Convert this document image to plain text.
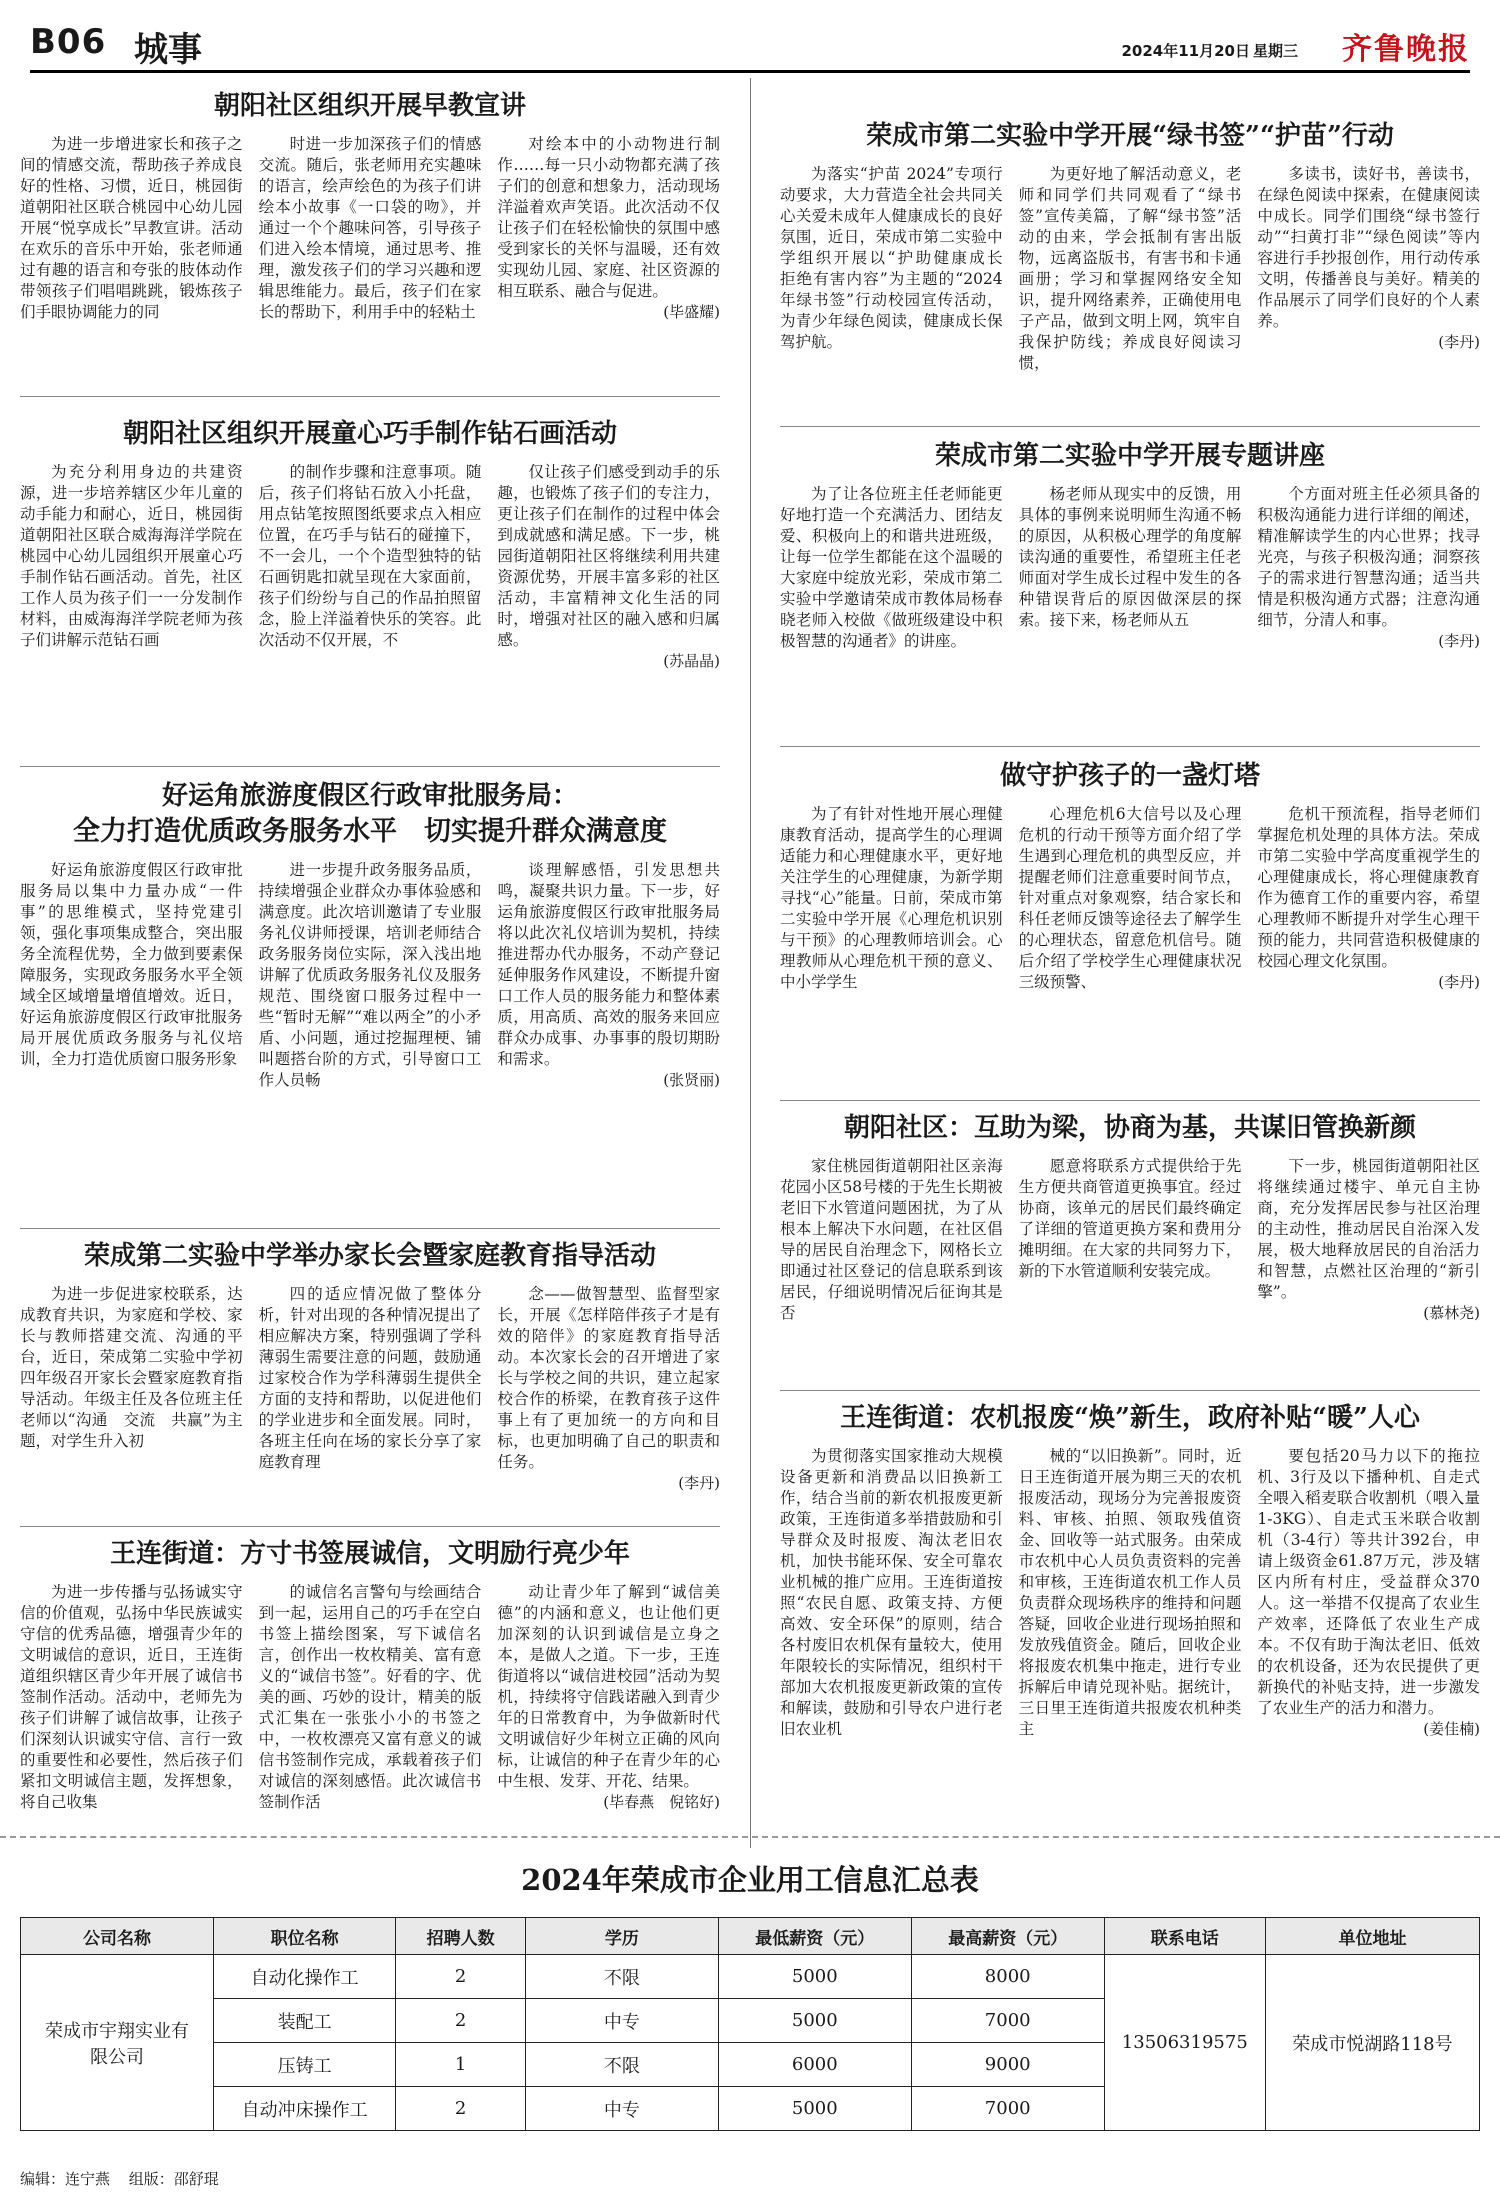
B06 城事	2024年11月20日 星期三 齐鲁晚报
朝阳社区组织开展早教宣讲

为进一步增进家长和孩子之间的情感交流，帮助孩子养成良好的性格、习惯，近日，桃园街道朝阳社区联合桃园中心幼儿园开展“悦享成长”早教宣讲。活动在欢乐的音乐中开始，张老师通过有趣的语言和夸张的肢体动作带领孩子们唱唱跳跳，锻炼孩子们手眼协调能力的同

时进一步加深孩子们的情感交流。随后，张老师用充实趣味的语言，绘声绘色的为孩子们讲绘本小故事《一口袋的吻》，并通过一个个趣味问答，引导孩子们进入绘本情境，通过思考、推理，激发孩子们的学习兴趣和逻辑思维能力。最后，孩子们在家长的帮助下，利用手中的轻粘土

对绘本中的小动物进行制作……每一只小动物都充满了孩子们的创意和想象力，活动现场洋溢着欢声笑语。此次活动不仅让孩子们在轻松愉快的氛围中感受到家长的关怀与温暖，还有效实现幼儿园、家庭、社区资源的相互联系、融合与促进。

(毕盛耀)
朝阳社区组织开展童心巧手制作钻石画活动

为充分利用身边的共建资源，进一步培养辖区少年儿童的动手能力和耐心，近日，桃园街道朝阳社区联合威海海洋学院在桃园中心幼儿园组织开展童心巧手制作钻石画活动。首先，社区工作人员为孩子们一一分发制作材料，由威海海洋学院老师为孩子们讲解示范钻石画

的制作步骤和注意事项。随后，孩子们将钻石放入小托盘，用点钻笔按照图纸要求点入相应位置，在巧手与钻石的碰撞下，不一会儿，一个个造型独特的钻石画钥匙扣就呈现在大家面前，孩子们纷纷与自己的作品拍照留念，脸上洋溢着快乐的笑容。此次活动不仅开展，不

仅让孩子们感受到动手的乐趣，也锻炼了孩子们的专注力，更让孩子们在制作的过程中体会到成就感和满足感。下一步，桃园街道朝阳社区将继续利用共建资源优势，开展丰富多彩的社区活动，丰富精神文化生活的同时，增强对社区的融入感和归属感。

(苏晶晶)
好运角旅游度假区行政审批服务局：
全力打造优质政务服务水平　切实提升群众满意度

好运角旅游度假区行政审批服务局以集中力量办成“一件事”的思维模式，坚持党建引领，强化事项集成整合，突出服务全流程优势，全力做到要素保障服务，实现政务服务水平全领域全区域增量增值增效。近日，好运角旅游度假区行政审批服务局开展优质政务服务与礼仪培训，全力打造优质窗口服务形象

进一步提升政务服务品质，持续增强企业群众办事体验感和满意度。此次培训邀请了专业服务礼仪讲师授课，培训老师结合政务服务岗位实际，深入浅出地讲解了优质政务服务礼仪及服务规范、围绕窗口服务过程中一些“暂时无解”“难以两全”的小矛盾、小问题，通过挖掘理梗、铺叫题搭台阶的方式，引导窗口工作人员畅

谈理解感悟，引发思想共鸣，凝聚共识力量。下一步，好运角旅游度假区行政审批服务局将以此次礼仪培训为契机，持续推进帮办代办服务，不动产登记延伸服务作风建设，不断提升窗口工作人员的服务能力和整体素质，用高质、高效的服务来回应群众办成事、办事事的殷切期盼和需求。

(张贤丽)
荣成第二实验中学举办家长会暨家庭教育指导活动

为进一步促进家校联系，达成教育共识，为家庭和学校、家长与教师搭建交流、沟通的平台，近日，荣成第二实验中学初四年级召开家长会暨家庭教育指导活动。年级主任及各位班主任老师以“沟通　交流　共赢”为主题，对学生升入初

四的适应情况做了整体分析，针对出现的各种情况提出了相应解决方案，特别强调了学科薄弱生需要注意的问题，鼓励通过家校合作为学科薄弱生提供全方面的支持和帮助，以促进他们的学业进步和全面发展。同时，各班主任向在场的家长分享了家庭教育理

念——做智慧型、监督型家长，开展《怎样陪伴孩子才是有效的陪伴》的家庭教育指导活动。本次家长会的召开增进了家长与学校之间的共识，建立起家校合作的桥梁，在教育孩子这件事上有了更加统一的方向和目标，也更加明确了自己的职责和任务。

(李丹)
王连街道：方寸书签展诚信，文明励行亮少年

为进一步传播与弘扬诚实守信的价值观，弘扬中华民族诚实守信的优秀品德，增强青少年的文明诚信的意识，近日，王连街道组织辖区青少年开展了诚信书签制作活动。活动中，老师先为孩子们讲解了诚信故事，让孩子们深刻认识诚实守信、言行一致的重要性和必要性，然后孩子们紧扣文明诚信主题，发挥想象，将自己收集

的诚信名言警句与绘画结合到一起，运用自己的巧手在空白书签上描绘图案，写下诚信名言，创作出一枚枚精美、富有意义的“诚信书签”。好看的字、优美的画、巧妙的设计，精美的版式汇集在一张张小小的书签之中，一枚枚漂亮又富有意义的诚信书签制作完成，承载着孩子们对诚信的深刻感悟。此次诚信书签制作活

动让青少年了解到“诚信美德”的内涵和意义，也让他们更加深刻的认识到诚信是立身之本，是做人之道。下一步，王连街道将以“诚信进校园”活动为契机，持续将守信践诺融入到青少年的日常教育中，为争做新时代文明诚信好少年树立正确的风向标，让诚信的种子在青少年的心中生根、发芽、开花、结果。

(毕春燕　倪铭好)
荣成市第二实验中学开展“绿书签”“护苗”行动

为落实“护苗 2024”专项行动要求，大力营造全社会共同关心关爱未成年人健康成长的良好氛围，近日，荣成市第二实验中学组织开展以“护助健康成长　拒绝有害内容”为主题的“2024年绿书签”行动校园宣传活动，为青少年绿色阅读，健康成长保驾护航。

为更好地了解活动意义，老师和同学们共同观看了“绿书签”宣传美篇，了解“绿书签”活动的由来，学会抵制有害出版物，远离盗版书，有害书和卡通画册；学习和掌握网络安全知识，提升网络素养，正确使用电子产品，做到文明上网，筑牢自我保护防线；养成良好阅读习惯，

多读书，读好书，善读书，在绿色阅读中探索，在健康阅读中成长。同学们围绕“绿书签行动”“扫黄打非”“绿色阅读”等内容进行手抄报创作，用行动传承文明，传播善良与美好。精美的作品展示了同学们良好的个人素养。

(李丹)
荣成市第二实验中学开展专题讲座

为了让各位班主任老师能更好地打造一个充满活力、团结友爱、积极向上的和谐共进班级，让每一位学生都能在这个温暖的大家庭中绽放光彩，荣成市第二实验中学邀请荣成市教体局杨春晓老师入校做《做班级建设中积极智慧的沟通者》的讲座。

杨老师从现实中的反馈，用具体的事例来说明师生沟通不畅的原因，从积极心理学的角度解读沟通的重要性，希望班主任老师面对学生成长过程中发生的各种错误背后的原因做深层的探索。接下来，杨老师从五

个方面对班主任必须具备的积极沟通能力进行详细的阐述，精准解读学生的内心世界；找寻光亮，与孩子积极沟通；洞察孩子的需求进行智慧沟通；适当共情是积极沟通方式器；注意沟通细节，分清人和事。

(李丹)
做守护孩子的一盏灯塔

为了有针对性地开展心理健康教育活动，提高学生的心理调适能力和心理健康水平，更好地关注学生的心理健康，为新学期寻找“心”能量。日前，荣成市第二实验中学开展《心理危机识别与干预》的心理教师培训会。心理教师从心理危机干预的意义、中小学学生

心理危机6大信号以及心理危机的行动干预等方面介绍了学生遇到心理危机的典型反应，并提醒老师们注意重要时间节点，针对重点对象观察，结合家长和科任老师反馈等途径去了解学生的心理状态，留意危机信号。随后介绍了学校学生心理健康状况三级预警、

危机干预流程，指导老师们掌握危机处理的具体方法。荣成市第二实验中学高度重视学生的心理健康成长，将心理健康教育作为德育工作的重要内容，希望心理教师不断提升对学生心理干预的能力，共同营造积极健康的校园心理文化氛围。

(李丹)
朝阳社区：互助为梁，协商为基，共谋旧管换新颜

家住桃园街道朝阳社区亲海花园小区58号楼的于先生长期被老旧下水管道问题困扰，为了从根本上解决下水问题，在社区倡导的居民自治理念下，网格长立即通过社区登记的信息联系到该居民，仔细说明情况后征询其是否

愿意将联系方式提供给于先生方便共商管道更换事宜。经过协商，该单元的居民们最终确定了详细的管道更换方案和费用分摊明细。在大家的共同努力下，新的下水管道顺利安装完成。

下一步，桃园街道朝阳社区将继续通过楼宇、单元自主协商，充分发挥居民参与社区治理的主动性，推动居民自治深入发展，极大地释放居民的自治活力和智慧，点燃社区治理的“新引擎”。

(慕林尧)
王连街道：农机报废“焕”新生，政府补贴“暖”人心

为贯彻落实国家推动大规模设备更新和消费品以旧换新工作，结合当前的新农机报废更新政策，王连街道多举措鼓励和引导群众及时报废、淘汰老旧农机，加快书能环保、安全可靠农业机械的推广应用。王连街道按照“农民自愿、政策支持、方便高效、安全环保”的原则，结合各村废旧农机保有量较大，使用年限较长的实际情况，组织村干部加大农机报废更新政策的宣传和解读，鼓励和引导农户进行老旧农业机

械的“以旧换新”。同时，近日王连街道开展为期三天的农机报废活动，现场分为完善报废资料、审核、拍照、领取残值资金、回收等一站式服务。由荣成市农机中心人员负责资料的完善和审核，王连街道农机工作人员负责群众现场秩序的维持和问题答疑，回收企业进行现场拍照和发放残值资金。随后，回收企业将报废农机集中拖走，进行专业拆解后申请兑现补贴。据统计，三日里王连街道共报废农机种类主

要包括20马力以下的拖拉机、3行及以下播种机、自走式全喂入稻麦联合收割机（喂入量1-3KG）、自走式玉米联合收割机（3-4行）等共计392台，申请上级资金61.87万元，涉及辖区内所有村庄，受益群众370人。这一举措不仅提高了农业生产效率，还降低了农业生产成本。不仅有助于淘汰老旧、低效的农机设备，还为农民提供了更新换代的补贴支持，进一步激发了农业生产的活力和潜力。

(姜佳楠)
2024年荣成市企业用工信息汇总表
公司名称	职位名称	招聘人数	学历	最低薪资（元）	最高薪资（元）	联系电话	单位地址
荣成市宇翔实业有限公司	自动化操作工	2	不限	5000	8000	13506319575	荣成市悦湖路118号
	装配工	2	中专	5000	7000		
	压铸工	1	不限	6000	9000		
	自动冲床操作工	2	中专	5000	7000		
编辑：连宁燕 组版：邵舒琨
